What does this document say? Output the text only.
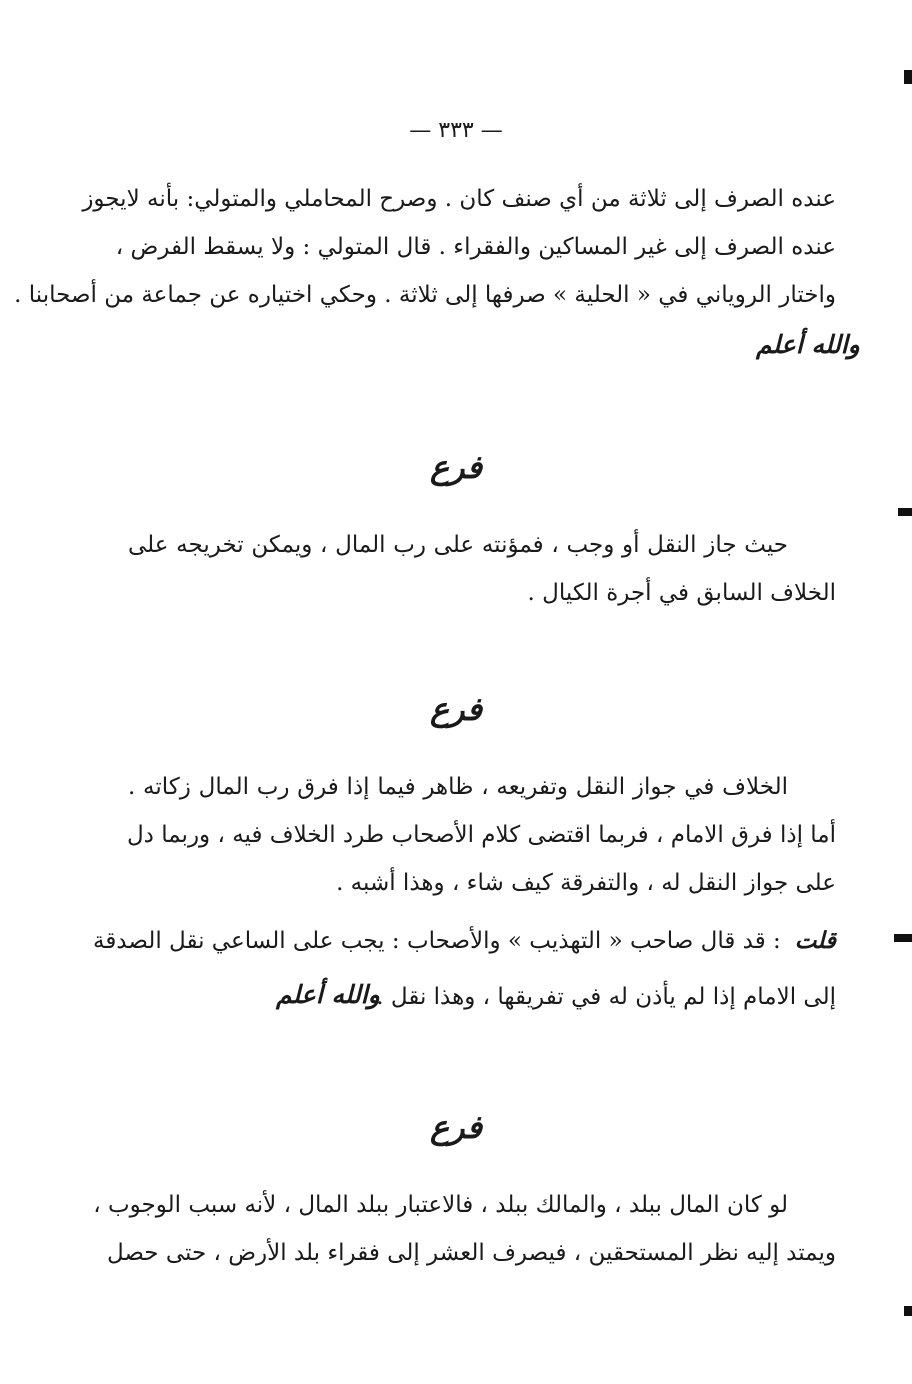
— ٣٣٣ —
عنده الصرف إلى ثلاثة من أي صنف كان . وصرح المحاملي والمتولي: بأنه لايجوز
عنده الصرف إلى غير المساكين والفقراء . قال المتولي : ولا يسقط الفرض ،
واختار الروياني في « الحلية » صرفها إلى ثلاثة . وحكي اختياره عن جماعة من أصحابنا .
والله أعلم
فرع
حيث جاز النقل أو وجب ، فمؤنته على رب المال ، ويمكن تخريجه على
الخلاف السابق في أجرة الكيال .
فرع
الخلاف في جواز النقل وتفريعه ، ظاهر فيما إذا فرق رب المال زكاته .
أما إذا فرق الامام ، فربما اقتضى كلام الأصحاب طرد الخلاف فيه ، وربما دل
على جواز النقل له ، والتفرقة كيف شاء ، وهذا أشبه .
قلت: قد قال صاحب « التهذيب » والأصحاب : يجب على الساعي نقل الصدقة
إلى الامام إذا لم يأذن له في تفريقها ، وهذا نقل .
والله أعلم
فرع
لو كان المال ببلد ، والمالك ببلد ، فالاعتبار ببلد المال ، لأنه سبب الوجوب ،
ويمتد إليه نظر المستحقين ، فيصرف العشر إلى فقراء بلد الأرض ، حتى حصل
